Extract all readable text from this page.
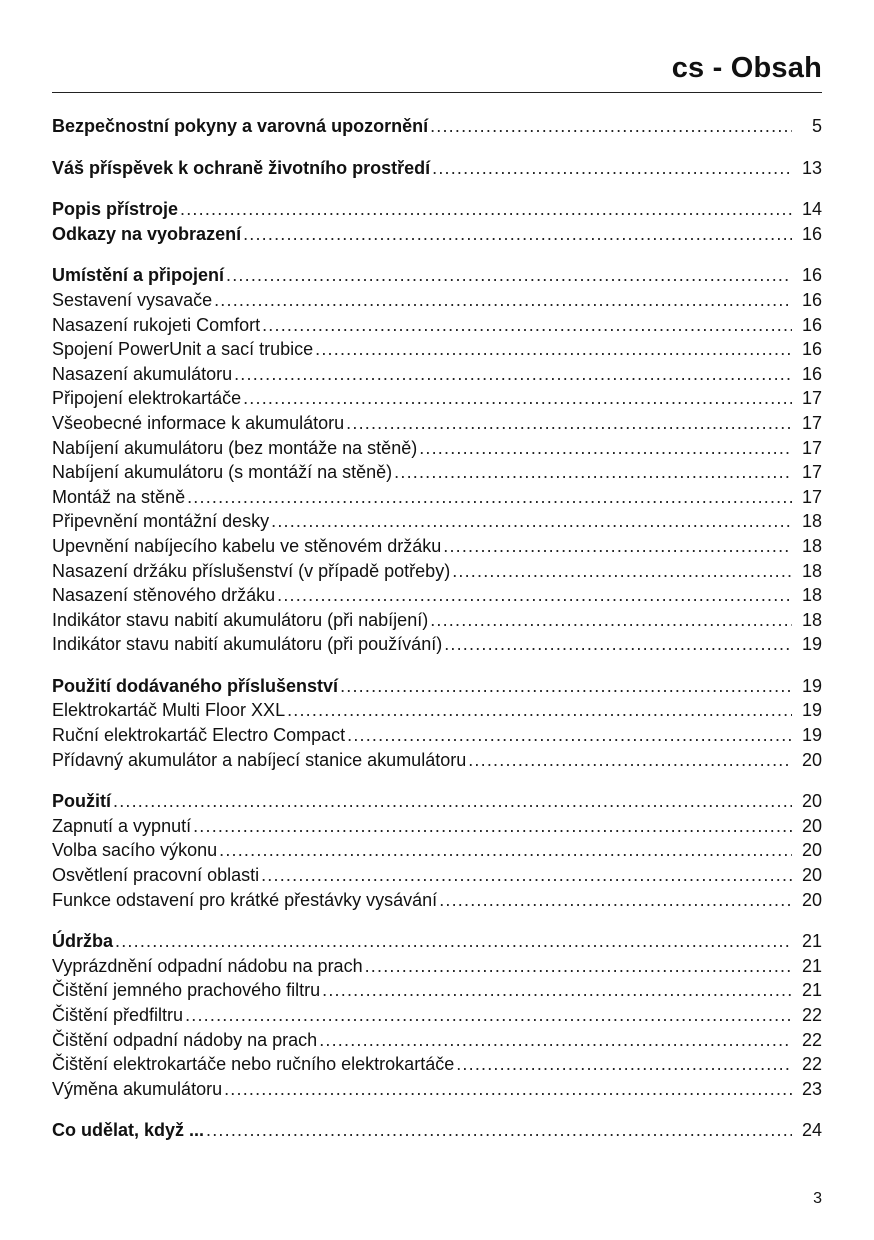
cs - Obsah
Bezpečnostní pokyny a varovná upozornění .....	5
Váš příspěvek k ochraně životního prostředí .....	13
Popis přístroje .....	14
Odkazy na vyobrazení .....	16
Umístění a připojení .....	16
Sestavení vysavače .....	16
Nasazení rukojeti Comfort .....	16
Spojení PowerUnit a sací trubice .....	16
Nasazení akumulátoru .....	16
Připojení elektrokartáče .....	17
Všeobecné informace k akumulátoru .....	17
Nabíjení akumulátoru (bez montáže na stěně) .....	17
Nabíjení akumulátoru (s montáží na stěně) .....	17
Montáž na stěně .....	17
Připevnění montážní desky .....	18
Upevnění nabíjecího kabelu ve stěnovém držáku .....	18
Nasazení držáku příslušenství (v případě potřeby) .....	18
Nasazení stěnového držáku .....	18
Indikátor stavu nabití akumulátoru (při nabíjení) .....	18
Indikátor stavu nabití akumulátoru (při používání) .....	19
Použití dodávaného příslušenství .....	19
Elektrokartáč Multi Floor XXL .....	19
Ruční elektrokartáč Electro Compact .....	19
Přídavný akumulátor a nabíjecí stanice akumulátoru .....	20
Použití .....	20
Zapnutí a vypnutí .....	20
Volba sacího výkonu .....	20
Osvětlení pracovní oblasti .....	20
Funkce odstavení pro krátké přestávky vysávání .....	20
Údržba .....	21
Vyprázdnění odpadní nádobu na prach .....	21
Čištění jemného prachového filtru .....	21
Čištění předfiltru .....	22
Čištění odpadní nádoby na prach .....	22
Čištění elektrokartáče nebo ručního elektrokartáče .....	22
Výměna akumulátoru .....	23
Co udělat, když ... .....	24
3
